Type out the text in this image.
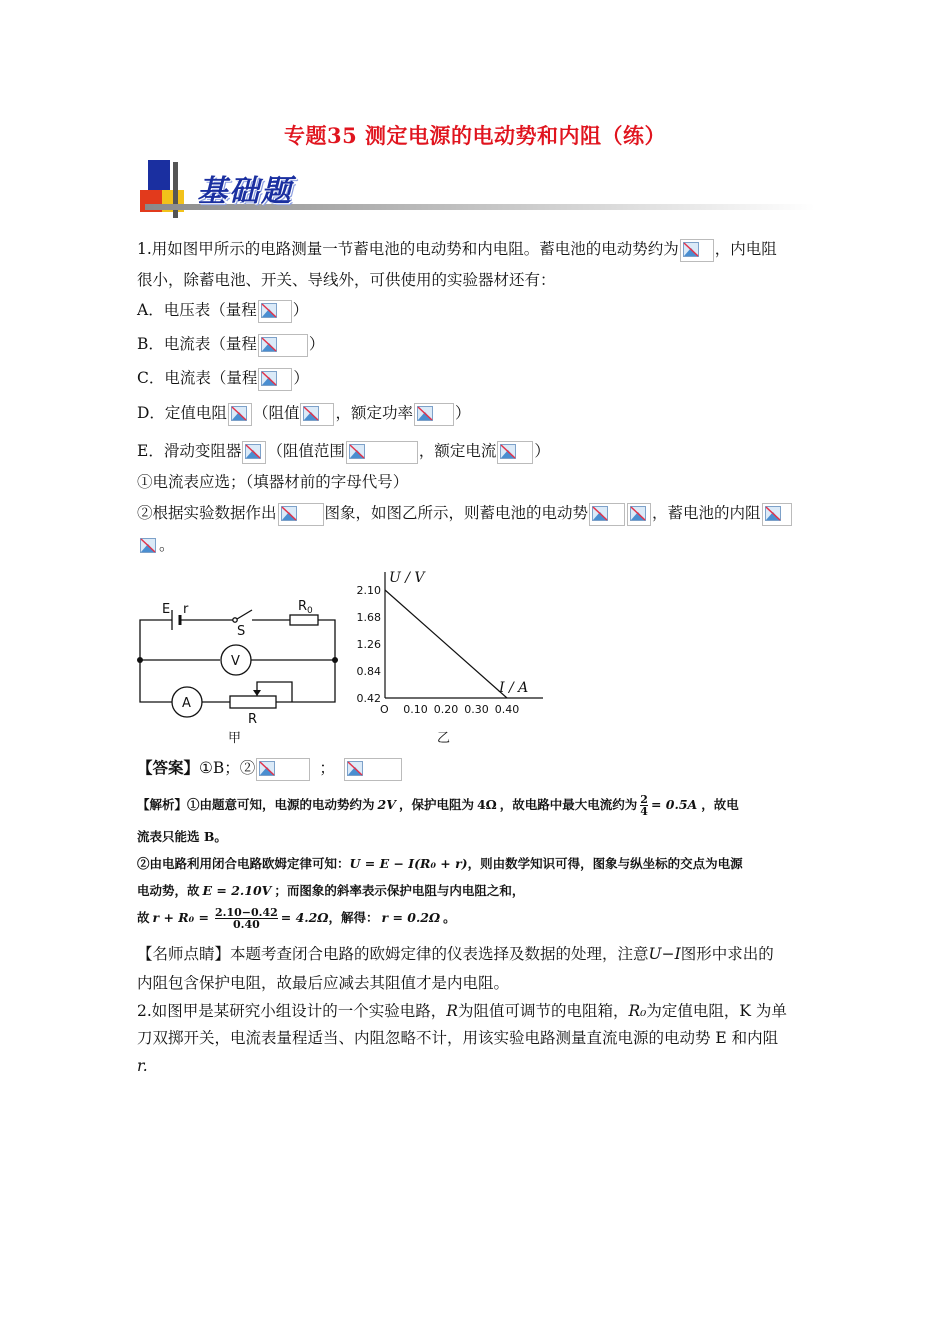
专题35 测定电源的电动势和内阻（练）
基础题
1.用如图甲所示的电路测量一节蓄电池的电动势和内电阻。蓄电池的电动势约为 ，内电阻
很小，除蓄电池、开关、导线外，可供使用的实验器材还有：
A．电压表（量程 ）
B．电流表（量程	）
C．电流表（量程 ）
D．定值电阻 （阻值 ，额定功率	）
E．滑动变阻器 （阻值范围	，额定电流 ）
①电流表应选；（填器材前的字母代号）
②根据实验数据作出	图象，如图乙所示，则蓄电池的电动势	，蓄电池的内阻
。
E r
S
$R_0$
V
A
R
甲
U / V
I / A
O
0.42
0.84
1.26
1.68
2.10
0.10 0.20 0.30 0.40
乙
【答案】①B；②	；
【解析】①由题意可知，电源的电动势约为 2V ，保护电阻为 4Ω ，故电路中最大电流约为 $\frac{2}{4} = 0.5A$ ，故电
流表只能选 B。
②由电路利用闭合电路欧姆定律可知：U = E − I(R₀ + r)，则由数学知识可得，图象与纵坐标的交点为电源
电动势，故 E = 2.10V ；而图象的斜率表示保护电阻与内电阻之和，
故 $r + R_0 = \frac{2.10-0.42}{0.40} = 4.2\Omega$，解得： r = 0.2Ω 。
【名师点睛】本题考查闭合电路的欧姆定律的仪表选择及数据的处理，注意U−I图形中求出的
内阻包含保护电阻，故最后应减去其阻值才是内电阻。
2.如图甲是某研究小组设计的一个实验电路，R为阻值可调节的电阻箱，R₀为定值电阻，K 为单
刀双掷开关，电流表量程适当、内阻忽略不计，用该实验电路测量直流电源的电动势 E 和内阻
r.
